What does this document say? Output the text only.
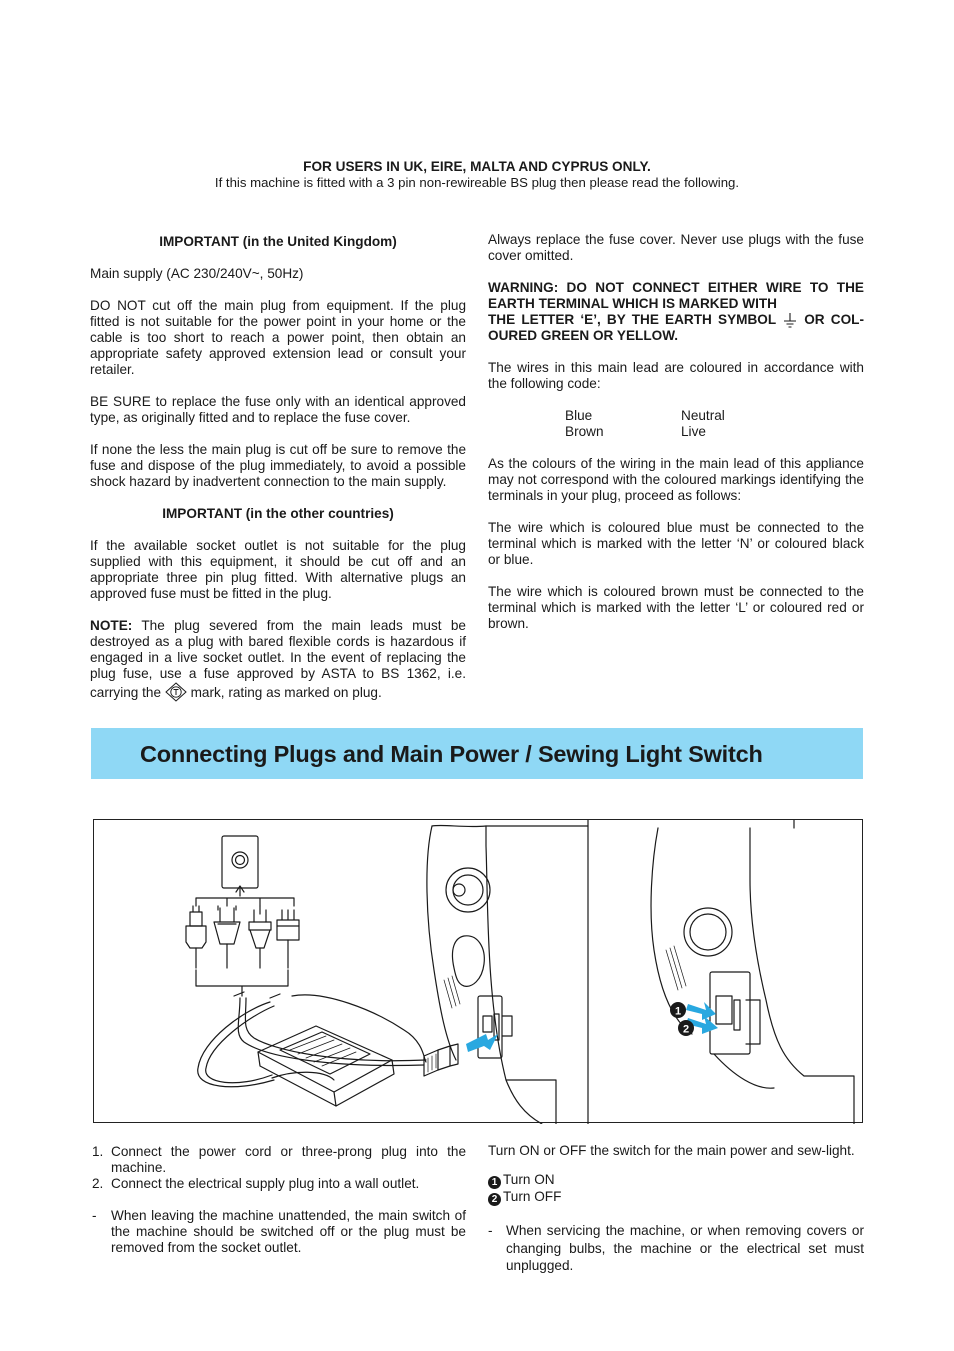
FOR USERS IN UK, EIRE, MALTA AND CYPRUS ONLY.
If this machine is fitted with a 3 pin non-rewireable BS plug then please read the following.

IMPORTANT (in the United Kingdom)

Main supply (AC 230/240V~, 50Hz)

DO NOT cut off the main plug from equipment. If the plug fitted is not suitable for the power point in your home or the cable is too short to reach a power point, then obtain an appropriate safety approved extension lead or consult your retailer.

BE SURE to replace the fuse only with an identical approved type, as originally fitted and to replace the fuse cover.

If none the less the main plug is cut off be sure to remove the fuse and dispose of the plug immediately, to avoid a possible shock hazard by inadvertent connection to the main supply.

IMPORTANT (in the other countries)

If the available socket outlet is not suitable for the plug supplied with this equipment, it should be cut off and an appropriate three pin plug fitted. With alternative plugs an approved fuse must be fitted in the plug.

NOTE: The plug severed from the main leads must be destroyed as a plug with bared flexible cords is hazardous if engaged in a live socket outlet. In the event of replacing the plug fuse, use a fuse approved by ASTA to BS 1362, i.e. carrying the  mark, rating as marked on plug.

Always replace the fuse cover. Never use plugs with the fuse cover omitted.

WARNING: DO NOT CONNECT EITHER WIRE TO THE EARTH TERMINAL WHICH IS MARKED WITH
THE LETTER ‘E’, BY THE EARTH SYMBOL  OR COL- OURED GREEN OR YELLOW.

The wires in this main lead are coloured in accordance with the following code:

Blue	Neutral
Brown	Live

As the colours of the wiring in the main lead of this appliance may not correspond with the coloured markings identifying the terminals in your plug, proceed as follows:

The wire which is coloured blue must be connected to the terminal which is marked with the letter ‘N’ or coloured black or blue.

The wire which is coloured brown must be connected to the terminal which is marked with the letter ‘L’ or coloured red or brown.

Connecting Plugs and Main Power / Sewing Light Switch
1
2
1. Connect the power cord or three-prong plug into the machine.
2. Connect the electrical supply plug into a wall outlet.
- When leaving the machine unattended, the main switch of the machine should be switched off or the plug must be removed from the socket outlet.
Turn ON or OFF the switch for the main power and sew-light.
1 Turn ON
2 Turn OFF
- When servicing the machine, or when removing covers or changing bulbs, the machine or the electrical set must unplugged.
